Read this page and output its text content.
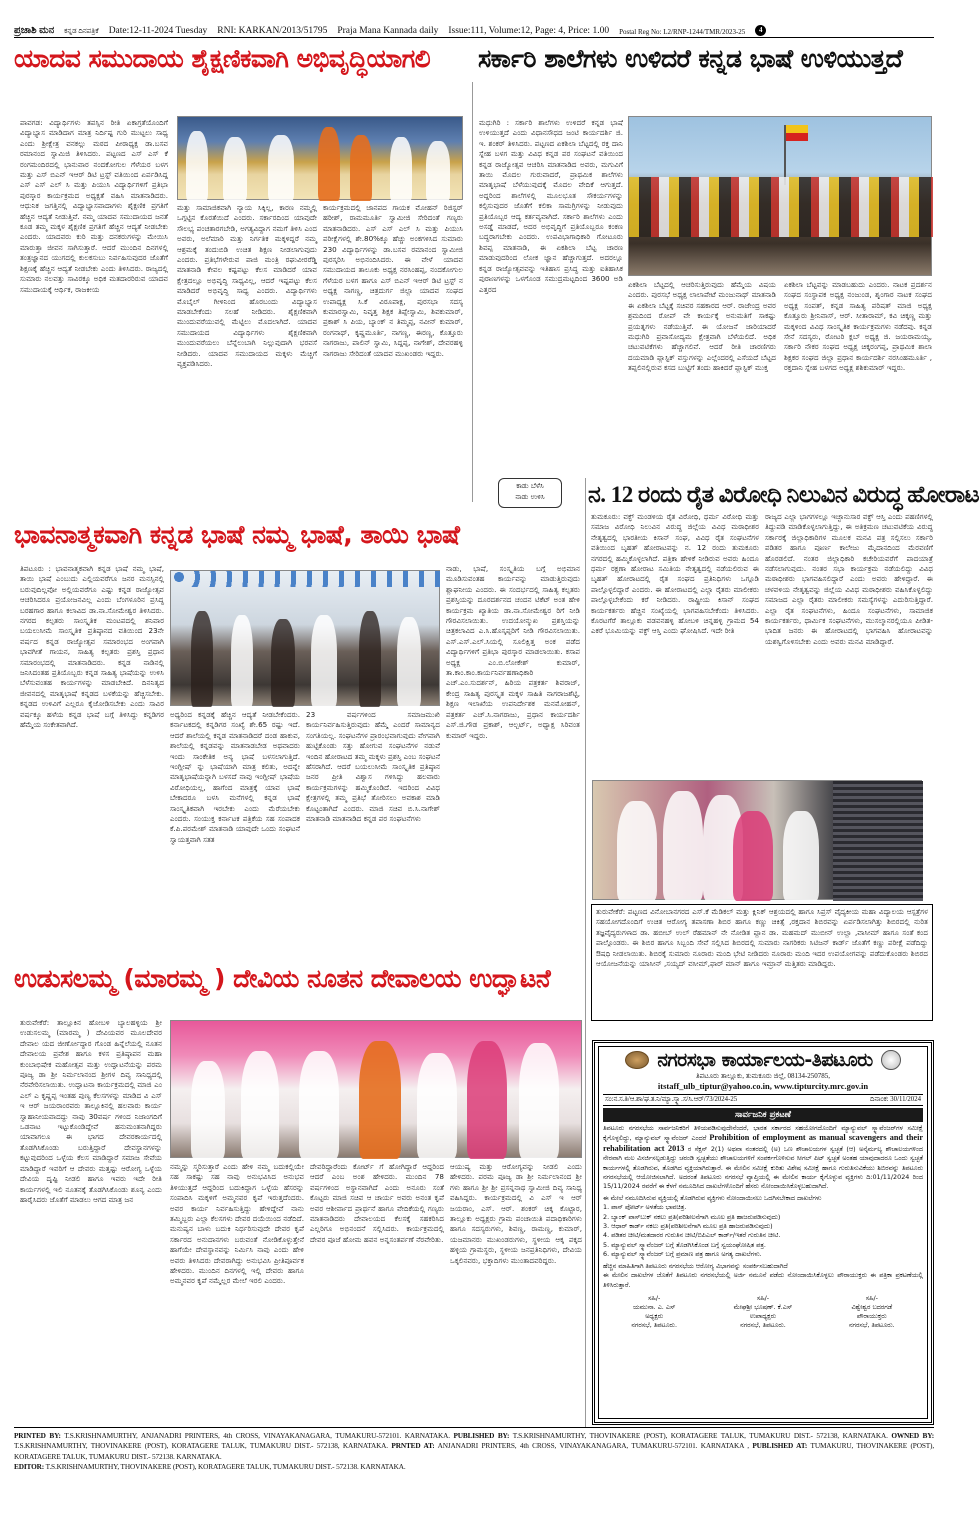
ಪ್ರಜಾಶಿ ಮನ ಕನ್ನಡ ದಿನಪತ್ರಿಕೆ Date:12-11-2024 Tuesday RNI: KARKAN/2013/51795 Praja Mana Kannada daily Issue:111, Volume:12, Page: 4, Price: 1.00 Postal Reg No: L2/RNP-1244/TMR/2023-25	4
ಯಾದವ ಸಮುದಾಯ ಶೈಕ್ಷಣಿಕವಾಗಿ ಅಭಿವೃದ್ಧಿಯಾಗಲಿ
ಪಾವಗಡ: ವಿದ್ಯಾರ್ಥಿಗಳು ತಪಸ್ಸಿನ ರೀತಿ ಏಕಾಗ್ರತೆಯೊಂದಿಗೆ ವಿದ್ಯಾಭ್ಯಾಸ ಮಾಡಿದಾಗ ಮಾತ್ರ ನಿರ್ದಿಷ್ಟ ಗುರಿ ಮುಟ್ಟಲು ಸಾಧ್ಯ ಎಂದು ಶ್ರೀಕ್ಷೇತ್ರ ವನಕಲ್ಲು ಮಠದ ಪೀಠಾಧ್ಯಕ್ಷ ಡಾ.ಬಸವ ರಮಾನಂದ ಸ್ವಾಮಿಜಿ ತಿಳಿಸಿದರು. ಪಟ್ಟಣದ ಎಸ್ ಎಸ್ ಕೆ ರಂಗಮಂದಿರದಲ್ಲಿ ಭಾನುವಾರ ನಂದಕೋಗುಲ ಗೆಳೆಯರ ಬಳಗ ಮತ್ತು ಎಸ್ ಬಿಎನ್ ಇಆರ್ ಡಿಟಿ ಟ್ರಸ್ಟ್ ವತಿಯಿಂದ ಏರ್ಪಡಿಸಿದ್ದ ಎಸ್ ಎಸ್ ಎಲ್ ಸಿ ಮತ್ತು ಪಿಯುಸಿ ವಿದ್ಯಾರ್ಥಿಗಳಿಗೆ ಪ್ರತಿಭಾ ಪುರಸ್ಕಾರ ಕಾರ್ಯಕ್ರಮದ ಅಧ್ಯಕ್ಷತೆ ವಹಿಸಿ ಮಾತನಾಡಿದರು. ಆಧುನಿಕ ಜಗತ್ತಿನಲ್ಲಿ ವಿದ್ಯಾಭ್ಯಾಸವಾದಾಗಳು ಶೈಕ್ಷಣಿಕ ಪ್ರಗತಿಗೆ ಹೆಚ್ಚಿನ ಆದ್ಯತೆ ನೀಡುತ್ತಿವೆ. ನಮ್ಮ ಯಾದವ ಸಮುದಾಯದ ಜನತೆ ಕೂಡ ತಮ್ಮ ಮಕ್ಕಳ ಶೈಕ್ಷಣಿಕ ಪ್ರಗತಿಗೆ ಹೆಚ್ಚಿನ ಆದ್ಯತೆ ನೀಡಬೇಕು ಎಂದರು. ಯಾದವರು ಕುರಿ ಮತ್ತು ದನಕರುಗಳನ್ನು ಮೇಯಿಸಿ ಮಾರುತ್ತಾ ಜೀವನ ಸಾಗಿಸುತ್ತಾರೆ. ಆದರೆ ಮುಂದಿನ ದಿನಗಳಲ್ಲಿ ತಂತ್ರಜ್ಞಾನದ ಯುಗದಲ್ಲಿ ಕುಲಕಸುಬು ನಿರ್ವಹಿಸುವುದರ ಜೊತೆಗೆ ಶಿಕ್ಷಣಕ್ಕೆ ಹೆಚ್ಚಿನ ಆದ್ಯತೆ ನೀಡಬೇಕು ಎಂದು ತಿಳಿಸಿದರು. ರಾಜ್ಯದಲ್ಲಿ ಸುಮಾರು ನಲವತ್ತು ಸಾವಿರಕ್ಕೂ ಅಧಿಕ ಮತದಾರರಿರುವ ಯಾದವ ಸಮುದಾಯಕ್ಕೆ ಆರ್ಥಿಕ, ರಾಜಕೀಯ
ಮತ್ತು ಸಾಮಾಜಿಕವಾಗಿ ನ್ಯಾಯ ಸಿಕ್ಕಿಲ್ಲ, ಕಾರಣ ನಮ್ಮಲ್ಲಿ ಒಗ್ಗಟ್ಟಿನ ಕೊರತೆಯಿದೆ ಎಂದರು. ಸರ್ಕಾರದಿಂದ ಯಾವುದೇ ಸೌಲಭ್ಯ ಪಂಚತಾರಗಬೇಡಿ, ಅಗತ್ಯವಿದ್ದಾಗ ನಮಗೆ ತಿಳಿಸಿ ಎಂದ ಅವರು, ಅಲೆಮಾರಿ ಮತ್ತು ನಿರ್ಗತಿಕ ಮಕ್ಕಳಿದ್ದರೆ ನಮ್ಮ ಆಶ್ರಮಕ್ಕೆ ತಂದುಬಿಡಿ ಉಚಿತ ಶಿಕ್ಷಣ ನೀಡಲಾಗುವುದು ಎಂದರು. ಪ್ರತಿಭೆಗಳೇರುವ ಪಾಜಿ ಮಂತ್ರಿ ರಘುವೀರರೆಡ್ಡಿ ಮಾತನಾಡಿ ಕೇವಲ ಕಷ್ಟಪಟ್ಟು ಕೆಲಸ ಮಾಡಿದರೆ ಯಾವ ಕ್ಷೇತ್ರದಲ್ಲೂ ಅಭಿವೃದ್ಧಿ ಸಾಧ್ಯವಿಲ್ಲ, ಆದರೆ ಇಷ್ಟಪಟ್ಟು ಕೆಲಸ ಮಾಡಿದರೆ ಅಭಿವೃದ್ಧಿ ಸಾಧ್ಯ ಎಂದರು. ವಿದ್ಯಾರ್ಥಿಗಳು ಮೊಬೈಲ್ ಗೀಳಿನಿಂದ ಹೊರಬಂದು ವಿದ್ಯಾಭ್ಯಾಸ ಮಾಡಬೇಕೆಂದು ಸಲಹೆ ನೀಡಿದರು. ಶೈಕ್ಷಣಿಕವಾಗಿ ಮುಂದುವರೆಯುವಲ್ಲಿ ಮೆಟ್ಟಿಲು ಮೊದಲಾಗಿದೆ. ಯಾದವ ಸಮುದಾಯದ ವಿದ್ಯಾರ್ಥಿಗಳು ಶೈಕ್ಷಣಿಕವಾಗಿ ಮುಂದುವರೆಯಲು ಬೆನ್ನೆಲುಬಾಗಿ ನಿಲ್ಲುವುದಾಗಿ ಭರವಸೆ ನೀಡಿದರು. ಯಾದವ ಸಮುದಾಯದ ಮಕ್ಕಳು ಮೆಚ್ಚಿಗೆ ವ್ಯಕ್ತಪಡಿಸಿದರು.
ಕಾರ್ಯಕ್ರಮದಲ್ಲಿ ಜಾನಪದ ಗಾಯಕ ಮೋಹನ್ ರಿಜಿಸ್ಟರ್ ಹರೀಶ್, ರಾಮಮೂರ್ತಿ ಸ್ವಾಮೀಜಿ ಸೇರಿದಂತೆ ಗಣ್ಯರು ಮಾತನಾಡಿದರು. ಎಸ್ ಎಸ್ ಎಲ್ ಸಿ ಮತ್ತು ಪಿಯುಸಿ ಪರೀಕ್ಷೆಗಳಲ್ಲಿ ಶೇ.80%ಕ್ಕೂ ಹೆಚ್ಚು ಅಂಕಗಳಿಸಿದ ಸುಮಾರು 230 ವಿದ್ಯಾರ್ಥಿಗಳನ್ನು ಡಾ.ಬಸವ ರಮಾನಂದ ಸ್ವಾಮೀಜಿ ಪುರಸ್ಕರಿಸಿ ಅಭಿನಂದಿಸಿದರು. ಈ ವೇಳೆ ಯಾದವ ಸಮುದಾಯದ ತಾಲೂಕು ಅಧ್ಯಕ್ಷ ನರಸಿಂಹಪ್ಪ, ನಂದಕೋಗುಲ ಗೆಳೆಯರ ಬಳಗ ಹಾಗೂ ಎಸ್ ಬಿಎನ್ ಇಆರ್ ಡಿಟಿ ಟ್ರಸ್ಟ್ ನ ಅಧ್ಯಕ್ಷ ನಾಗಣ್ಣ, ಚಿತ್ರದುರ್ಗ ಜಿಲ್ಲಾ ಯಾದವ ಸಂಘದ ಉಪಾಧ್ಯಕ್ಷ ಸಿ.ಕೆ ವಿರೂಪಾಕ್ಷ, ಪುರಸಭಾ ಸದಸ್ಯ ಕುಮಾರಸ್ವಾಮಿ, ನಿವೃತ್ತ ಶಿಕ್ಷಕ ತಿಪ್ಪೇಸ್ವಾಮಿ, ಶಿವಕುಮಾರ್, ಪ್ರಕಾಶ್ ಸಿ ಪಿಯ, ಬ್ಯಾಂಕ್ ನ ತಿಮ್ಮಪ್ಪ, ನವೀನ್ ಕುಮಾರ್, ರಂಗನಾಥ್, ಕೃಷ್ಣಮೂರ್ತಿ, ನಾಗಣ್ಣ, ಈರಣ್ಣ, ಕೊತ್ತೂರು ನಾಗರಾಜು, ಪಾಲಿನ್ ಸ್ವಾಮಿ, ಸಿದ್ದಪ್ಪ, ನಾಗೇಶ್, ದೇವರಹಳ್ಳಿ ನಾಗರಾಜು ಸೇರಿದಂತೆ ಯಾದವ ಮುಖಂಡರು ಇದ್ದರು.
ಸರ್ಕಾರಿ ಶಾಲೆಗಳು ಉಳಿದರೆ ಕನ್ನಡ ಭಾಷೆ ಉಳಿಯುತ್ತದೆ
ಮಧುಗಿರಿ : ಸರ್ಕಾರಿ ಶಾಲೆಗಳು ಉಳಿದರೆ ಕನ್ನಡ ಭಾಷೆ ಉಳಿಯುತ್ತದೆ ಎಂದು ವಿಧಾನಸೌಧದ ಜಂಟಿ ಕಾರ್ಯದರ್ಶಿ ಜಿ. ಇ. ಶಂಕರ್ ತಿಳಿಸಿದರು. ಪಟ್ಟಣದ ಏಕಶಿಲಾ ಬೆಟ್ಟದಲ್ಲಿ ರಕ್ತ ದಾನಿ ಸ್ನೇಹ ಬಳಗ ಮತ್ತು ವಿವಿಧ ಕನ್ನಡ ಪರ ಸಂಘಟನೆ ವತಿಯಿಂದ ಕನ್ನಡ ರಾಜ್ಯೋತ್ಸವ ಆಚರಿಸಿ ಮಾತನಾಡಿದ ಅವರು, ಮಗುವಿಗೆ ತಾಯಿ ಮೊದಲ ಗುರುವಾದರೆ, ಪ್ರಾಥಮಿಕ ಶಾಲೆಗಳು ಮಾತೃಭಾಷೆ ಬೆಳೆಯುವುದಕ್ಕೆ ಮೊದಲ ವೇದಿಕೆ ಆಗುತ್ತದೆ. ಅದ್ದರಿಂದ ಶಾಲೆಗಳಲ್ಲಿ ಮೂಲಭೂತ ಸೌಕರ್ಯಗಳನ್ನು ಕಲ್ಪಿಸುವುದರ ಜೊತೆಗೆ ಕಲಿಕಾ ಸಾಮಗ್ರಿಗಳನ್ನು ನೀಡುವುದು ಪ್ರತಿಯೊಬ್ಬರ ಆದ್ಯ ಕರ್ತವ್ಯವಾಗಿದೆ. ಸರ್ಕಾರಿ ಶಾಲೆಗಳು ಎಂದು ಅಸಡ್ಡೆ ಮಾಡದೆ, ಅದರ ಅಭಿವೃದ್ಧಿಗೆ ಪ್ರತಿಯೊಬ್ಬರೂ ಕಂಕಣ ಬದ್ಧರಾಗಬೇಕು ಎಂದರು. ಉಪವಿಭಾಗಾಧಿಕಾರಿ ಗೋಟೂರು ಶಿವಪ್ಪ ಮಾತನಾಡಿ, ಈ ಏಕಶಿಲಾ ಬೆಟ್ಟ ಚಾರಣ ಮಾಡುವುದರಿಂದ ಲೋಕ ಜ್ಞಾನ ಹೆಚ್ಚಾಗುತ್ತದೆ. ಅದರಲ್ಲೂ ಕನ್ನಡ ರಾಜ್ಯೋತ್ಸವವನ್ನು ಇತಿಹಾಸ ಪ್ರಸಿದ್ಧ ಮತ್ತು ಐತಿಹಾಸಿಕ ಪುರಾಣಗಳನ್ನು ಒಳಗೊಂಡ ಸಮುದ್ರಮಟ್ಟದಿಂದ 3600 ಅಡಿ ಎತ್ತರದ	ಏಕಶಿಲಾ ಬೆಟ್ಟದಲ್ಲಿ ಆಚರಿಸುತ್ತಿರುವುದು ಹೆಮ್ಮೆಯ ವಿಷಯ ಎಂದರು. ಪುರಸಭೆ ಅಧ್ಯಕ್ಷ ಲಾಲಾಪೇಟೆ ಮಂಜುನಾಥ್ ಮಾತನಾಡಿ ಈ ಏಕಶಿಲಾ ಬೆಟ್ಟಕ್ಕೆ ಸಚಿವರ ಸಹಕಾರದ ಆರ್. ರಾಜೇಂದ್ರ ಅವರ ಶ್ರಮದಿಂದ ರೋಪ್ ವೇ ಕಾರ್ಯಕ್ಕೆ ಅನುಮತಿಗೆ ಸಾಕಷ್ಟು ಪ್ರಯತ್ನಗಳು ನಡೆಯುತ್ತಿವೆ. ಈ ಯೋಜನೆ ಜಾರಿಯಾದರೆ ಮಧುಗಿರಿ ಪ್ರವಾಸೋದ್ಯಮ ಕ್ಷೇತ್ರವಾಗಿ ಬೆಳೆಯಲಿದೆ. ಅಧಿಕ ಚಟುವಟಿಕೆಗಳು ಹೆಚ್ಚಾಗಲಿವೆ. ಆದರೆ ರೀತಿ ಚಾರಣಿಗರು ದಯಮಾಡಿ ಪ್ಲಾಸ್ಟಿಕ್ ವಸ್ತುಗಳನ್ನು ಎಲ್ಲೆಂದರಲ್ಲಿ ಎಸೆಯದೆ ಬೆಟ್ಟದ ತಪ್ಪಲಿನಲ್ಲಿರುವ ಕಸದ ಬುಟ್ಟಿಗೆ ತಂದು ಹಾಕಿದರೆ ಪ್ಲಾಸ್ಟಿಕ್ ಮುಕ್ತ
ಏಕಶಿಲಾ ಬೆಟ್ಟವನ್ನು ಮಾಡಬಹುದು ಎಂದರು. ನಾಟಕ ಪ್ರದರ್ಶನ ಸಂಘದ ಸಂಸ್ಥಾಪಕ ಅಧ್ಯಕ್ಷ ನಂಜುಂಡ, ಶೃಂಗಾರ ನಾಟಕ ಸಂಘದ ಅಧ್ಯಕ್ಷ ಸಂಪತ್, ಕನ್ನಡ ಸಾಹಿತ್ಯ ಪರಿಷತ್ ಮಾಜಿ ಅಧ್ಯಕ್ಷ ಕೊತ್ತೂರು ಶ್ರೀನಿವಾಸ್, ಆರ್. ಸೀತಾರಾಮ್, ಕವಿ ಚಿಕ್ಕಣ್ಣ ಮತ್ತು ಮಕ್ಕಳಿಂದ ವಿವಿಧ ಸಾಂಸ್ಕೃತಿಕ ಕಾರ್ಯಕ್ರಮಗಳು ನಡೆದವು. ಕನ್ನಡ ಸೇನೆ ಸದಸ್ಯರು, ರೋಟರಿ ಕ್ಲಬ್ ಅಧ್ಯಕ್ಷ ಜಿ. ಜಯರಾಮಯ್ಯ, ಸರ್ಕಾರಿ ನೌಕರ ಸಂಘದ ಅಧ್ಯಕ್ಷ ಚಿಕ್ಕರಂಗಪ್ಪ, ಪ್ರಾಥಮಿಕ ಶಾಲಾ ಶಿಕ್ಷಕರ ಸಂಘದ ಜಿಲ್ಲಾ ಪ್ರಧಾನ ಕಾರ್ಯದರ್ಶಿ ನರಸಿಂಹಮೂರ್ತಿ , ರಕ್ತದಾನಿ ಸ್ನೇಹ ಬಳಗದ ಅಧ್ಯಕ್ಷ ಶಶಿಕುಮಾರ್ ಇದ್ದರು.
ಕಾಡು ಬೆಳೆಸಿ
ನಾಡು ಉಳಿಸಿ	ನ. 12 ರಂದು ರೈತ ವಿರೋಧಿ ನಿಲುವಿನ ವಿರುದ್ಧ ಹೋರಾಟ
ತುಮಕೂರು: ವಕ್ಫ್ ಮಂಡಳಿಯ ರೈತ ವಿರೋಧಿ, ಧರ್ಮ ವಿರೋಧಿ ಮತ್ತು ಸಮಾಜ ವಿರೋಧಿ ನಿಲುವಿನ ವಿರುದ್ಧ ಜಿಲ್ಲೆಯ ವಿವಿಧ ಮಠಾಧೀಶರ ನೇತೃತ್ವದಲ್ಲಿ ಭಾರತೀಯ ಕಿಸಾನ್ ಸಂಘ, ವಿವಿಧ ರೈತ ಸಂಘಟನೆಗಳ ವತಿಯಿಂದ ಬೃಹತ್ ಹೋರಾಟವನ್ನು ನ. 12 ರಂದು ತುಮಕೂರು ನಗರದಲ್ಲಿ ಹಮ್ಮಿಕೊಳ್ಳಲಾಗಿದೆ. ಪತ್ರಿಕಾ ಹೇಳಿಕೆ ನೀಡಿರುವ ಅವರು ಹಿಂದೂ ಧರ್ಮ ರಕ್ಷಣಾ ಹೋರಾಟ ಸಮಿತಿಯ ನೇತೃತ್ವದಲ್ಲಿ ನಡೆಯಲಿರುವ ಈ ಬೃಹತ್ ಹೋರಾಟದಲ್ಲಿ ರೈತ ಸಂಘದ ಪ್ರತಿನಿಧಿಗಳು ಒಗ್ಗೂಡಿ ಪಾಲ್ಗೊಳ್ಳಲಿದ್ದಾರೆ ಎಂದರು. ಈ ಹೋರಾಟದಲ್ಲಿ ಎಲ್ಲಾ ರೈತರು ಮಾಲೀಕರು ಪಾಲ್ಗೊಳ್ಳಬೇಕೆಂದು ಕರೆ ನೀಡಿದರು. ರಾಷ್ಟ್ರೀಯ ಕಿಸಾನ್ ಸಂಘದ ಕಾರ್ಯಕರ್ತರು ಹೆಚ್ಚಿನ ಸಂಖ್ಯೆಯಲ್ಲಿ ಭಾಗವಹಿಸಬೇಕೆಂದು ತಿಳಿಸಿದರು. ಕೊರಟಗೆರೆ ತಾಲ್ಲೂಕು ವಡವನಹಳ್ಳಿ ಹೋಬಳಿ ಚಿನ್ನಹಳ್ಳಿ ಗ್ರಾಮದ 54 ಎಕರೆ ಭೂಮಿಯನ್ನು ವಕ್ಫ್ ಆಸ್ತಿ ಎಂದು ಘೋಷಿಸಿದೆ. ಇದೇ ರೀತಿ
ರಾಜ್ಯದ ಎಲ್ಲಾ ಭಾಗಗಳಲ್ಲೂ ಇಚ್ಛಾನುಸಾರ ವಕ್ಫ್ ಆಸ್ತಿ ಎಂದು ಪಹಣಿಗಳಲ್ಲಿ ತಿದ್ದುಪಡಿ ಮಾಡಿಕೊಳ್ಳಲಾಗುತ್ತಿದ್ದು, ಈ ಅತಿಕ್ರಮಣ ಚಟುವಟಿಕೆಯ ವಿರುದ್ಧ ಸರ್ಕಾರಕ್ಕೆ ಜಿಲ್ಲಾಧಿಕಾರಿಗಳ ಮೂಲಕ ಮನವಿ ಪತ್ರ ಸಲ್ಲಿಸಲು ಸರ್ಕಾರಿ ಪಡಿತರ ಹಾಗೂ ಪೂರ್ಣ ಕಾಲೇಜು ಮೈದಾನದಿಂದ ಮೆರವಣಿಗೆ ಹೊರಡಲಿದೆ. ನಂತರ ಜಿಲ್ಲಾಧಿಕಾರಿ ಕಚೇರಿಯವರೆಗೆ ಪಾದಯಾತ್ರೆ ನಡೆಸಲಾಗುವುದು. ನಂತರ ಸಭಾ ಕಾರ್ಯಕ್ರಮ ನಡೆಯಲಿದ್ದು ವಿವಿಧ ಮಠಾಧೀಶರು ಭಾಗವಹಿಸಲಿದ್ದಾರೆ ಎಂದು ಅವರು ಹೇಳಿದ್ದಾರೆ. ಈ ಚಳವಳಿಯ ನೇತೃತ್ವವನ್ನು ಜಿಲ್ಲೆಯ ವಿವಿಧ ಮಠಾಧೀಶರು ವಹಿಸಿಕೊಳ್ಳಲಿದ್ದು ಸಮಾಜದ ಎಲ್ಲಾ ರೈತರು ಮಾಲೀಕರು ಸಮಸ್ಯೆಗಳನ್ನು ಎದುರಿಸುತ್ತಿದ್ದಾರೆ. ಎಲ್ಲಾ ರೈತ ಸಂಘಟನೆಗಳು, ಹಿಂದೂ ಸಂಘಟನೆಗಳು, ಸಾಮಾಜಿಕ ಕಾರ್ಯಕರ್ತರು, ಧಾರ್ಮಿಕ ಸಂಘಟನೆಗಳು, ಮುಸಲ್ಮಾನರಲ್ಲಿಯೂ ಪೀಡಿತ-ಭಾದಿತ ಜನರು ಈ ಹೋರಾಟದಲ್ಲಿ ಭಾಗವಹಿಸಿ ಹೋರಾಟವನ್ನು ಯಶಸ್ವಿಗೊಳಿಸಬೇಕು ಎಂದು ಅವರು ಮನವಿ ಮಾಡಿದ್ದಾರೆ.
ಭಾವನಾತ್ಮಕವಾಗಿ ಕನ್ನಡ ಭಾಷೆ ನಮ್ಮ ಭಾಷೆ, ತಾಯಿ ಭಾಷೆ
ತಿಪಟೂರು : ಭಾವನಾತ್ಮಕವಾಗಿ ಕನ್ನಡ ಭಾಷೆ ನಮ್ಮ ಭಾಷೆ, ತಾಯಿ ಭಾಷೆ ಎಂಬುದು ಎಲ್ಲಿಯವರೆಗೂ ಜನರ ಮನಸ್ಸಿನಲ್ಲಿ ಬರುವುದಿಲ್ಲವೋ ಅಲ್ಲಿಯವರೆಗೂ ಎಷ್ಟು ಕನ್ನಡ ರಾಜ್ಯೋತ್ಸವ ಆಚರಿಸಿದರೂ ಪ್ರಯೋಜನವಿಲ್ಲ ಎಂದು ಬೆಂಗಳೂರಿನ ಪ್ರಸಿದ್ಧ ಬರಹಗಾರ ಹಾಗೂ ಕಲಾವಿದ ಡಾ.ನಾ.ಸೋಮೇಶ್ವರ ತಿಳಿಸಿದರು. ನಗರದ ಕಲ್ಪತರು ಸಾಂಸ್ಕೃತಿಕ ಮಂಟಪದಲ್ಲಿ ಶನಿವಾರ ಬಯಲುಸೀಮೆ ಸಾಂಸ್ಕೃತಿಕ ಪ್ರತಿಷ್ಠಾನದ ವತಿಯಿಂದ 23ನೇ ವರ್ಷದ ಕನ್ನಡ ರಾಜ್ಯೋತ್ಸವ ಸಮಾರಂಭದ ಅಂಗವಾಗಿ ಭಾವಗೀತೆ ಗಾಯನ, ಸಾಹಿತ್ಯ ಕಲ್ಪತರು ಪ್ರಶಸ್ತಿ ಪ್ರಧಾನ ಸಮಾರಂಭದಲ್ಲಿ ಮಾತನಾಡಿದರು. ಕನ್ನಡ ನಾಡಿನಲ್ಲಿ ಜನಿಸಿದಂತಹ ಪ್ರತಿಯೊಬ್ಬರು ಕನ್ನಡ ಸಾಹಿತ್ಯ ಭಾಷೆಯನ್ನು ಉಳಿಸಿ ಬೆಳೆಸುವಂತಹ ಕಾರ್ಯಗಳನ್ನು ಮಾಡಬೇಕಿದೆ. ದಿನನಿತ್ಯದ ಜೀವನದಲ್ಲಿ ಮಾತೃಭಾಷೆ ಕನ್ನಡದ ಬಳಕೆಯನ್ನು ಹೆಚ್ಚಿಸಬೇಕು. ಕನ್ನಡದ ಉಳಿವಿಗೆ ಎಲ್ಲರೂ ಕೈಜೋಡಿಸಬೇಕು ಎಂದು ಸಾವಿರ ವರ್ಷಕ್ಕೂ ಹಳೆಯ ಕನ್ನಡ ಭಾಷೆ ಬಗ್ಗೆ ತಿಳಿಸಿದ್ದು ಕನ್ನಡಿಗರ ಹೆಮ್ಮೆಯ ಸಂಕೇತವಾಗಿದೆ.
ಅಧ್ಯರಿಂದ ಕನ್ನಡಕ್ಕೆ ಹೆಚ್ಚಿನ ಆದ್ಯತೆ ನೀಡಬೇಕೆಂದರು. ಕರ್ನಾಟಕದಲ್ಲಿ ಕನ್ನಡಿಗರ ಸಂಖ್ಯೆ ಶೇ.65 ರಷ್ಟು ಇದೆ. ಆದರೆ ಶಾಲೆಯಲ್ಲಿ ಕನ್ನಡ ಮಾತನಾಡಿದರೆ ದಂಡ ಹಾಕುವ, ಶಾಲೆಯಲ್ಲಿ ಕನ್ನಡವನ್ನು ಮಾತನಾಡಬೇಡ ಅಥವಾದರು ಇಂದು ಸಾಂಕೇತಿಕ ಅನ್ಯ ಭಾಷೆ ಬಳಸಲಾಗುತ್ತಿದೆ. ಇಂಗ್ಲೀಷ್ ನ್ನು ಭಾಷೆಯಾಗಿ ಮಾತ್ರ ಕಲಿತು, ಅದನ್ನೇ ಮಾತೃಭಾಷೆಯನ್ನಾಗಿ ಬಳಸದೆ ನಾವು ಇಂಗ್ಲೀಷ್ ಭಾಷೆಯ ವಿರೋಧಿಯಲ್ಲ, ಹಾಗೆಂದ ಮಾತ್ರಕ್ಕೆ ಯಾವ ಭಾಷೆ ಬೇಕಾದರೂ ಬಳಸಿ ಮನೆಗಳಲ್ಲಿ ಕನ್ನಡ ಭಾಷೆ ಸಾಂಸ್ಕೃತಿಕವಾಗಿ ಇರಬೇಕು ಎಂದು ಮೆರೆಯಬೇಕು ಎಂದರು. ಸಂಯುಕ್ತ ಕರ್ನಾಟಕ ಪತ್ರಿಕೆಯ ಸಹ ಸಂಪಾದಕ ಕೆ.ಪಿ.ಪರಮೇಶ್ ಮಾತನಾಡಿ ಯಾವುದೇ ಒಂದು ಸಂಘಟನೆ ಸ್ವಾಯತ್ತವಾಗಿ ಸತತ
23 ವರ್ಷಗಳಿಂದ ಸಮಾಜಮುಖಿ ಕಾರ್ಯನಿರ್ವಹಿಸುತ್ತಿರುವುದು ಹೆಮ್ಮೆ ಎಂದರೆ ಸಾಮಾನ್ಯದ ಸಂಗತಿಯಲ್ಲ. ಸಂಘಟನೆಗಳ ಪ್ರಾರಂಭವಾಗುವುದು ವೇಗವಾಗಿ ಹುಟ್ಟಿಕೊಂಡು ಸತ್ತು ಹೋಗುವ ಸಂಘಟನೆಗಳ ನಡುವೆ ಇಂದಿನ ಹೋರಾಟದ ತಮ್ಮ ಮಕ್ಕಳು ಪ್ರಶಸ್ತಿ ಎಂಬ ಸಂಘಟನೆ ಹೆಸರಾಗಿದೆ. ಆದರೆ ಬಯಲುಸೀಮೆ ಸಾಂಸ್ಕೃತಿಕ ಪ್ರತಿಷ್ಠಾನ ಜನರ ಪ್ರೀತಿ ವಿಶ್ವಾಸ ಗಳಿಸಿದ್ದು ಹಲವಾರು ಕಾರ್ಯಕ್ರಮಗಳನ್ನು ಹಮ್ಮಿಕೊಂಡಿದೆ. ಇದರಿಂದ ವಿವಿಧ ಕ್ಷೇತ್ರಗಳಲ್ಲಿ ತಮ್ಮ ಪ್ರತಿಭೆ ತೋರಿಸಲು ಅವಕಾಶ ಮಾಡಿ ಕೊಟ್ಟಂತಾಗಿದೆ ಎಂದರು. ಮಾಜಿ ಸಚಿವ ಬಿ.ಸಿ.ನಾಗೇಶ್ ಮಾತನಾಡಿ ಮಾತನಾಡಿದ ಕನ್ನಡ ಪರ ಸಂಘಟನೆಗಳು
ನಾಡು, ಭಾಷೆ, ಸಂಸ್ಕೃತಿಯ ಬಗ್ಗೆ ಅಭಿಮಾನ ಮೂಡಿಸುವಂತಹ ಕಾರ್ಯವನ್ನು ಮಾಡುತ್ತಿರುವುದು ಶ್ಲಾಘನೀಯ ಎಂದರು. ಈ ಸಂದರ್ಭದಲ್ಲಿ ಸಾಹಿತ್ಯ ಕಲ್ಪತರು ಪ್ರಶಸ್ತಿಯನ್ನು ದೂರದರ್ಶನದ ಚಂದನ ಟಿಕೆಟ್ ಅಂತ ಹೇಳಿ ಕಾರ್ಯಕ್ರಮ ಖ್ಯಾತಿಯ ಡಾ.ನಾ.ಸೋಮೇಶ್ವರ ರಿಗೆ ನೀಡಿ ಗೌರವಿಸಲಾಯಿತು. ಉದಯೋನ್ಮುಖ ಪ್ರಶಸ್ತಿಯನ್ನು ಚಿತ್ರಕಲಾವಿದ ಎ.ಸಿ.ಹೊಸ್ಕಪ್ಪರಿಗೆ ನೀಡಿ ಗೌರವಿಸಲಾಯಿತು. ಎಸ್.ಎಸ್.ಎಲ್.ಸಿಯಲ್ಲಿ ಸೂಲಿಕ್ಷಿತ್ತ ಅಂಕ ಪಡೆದ ವಿದ್ಯಾರ್ಥಿಗಳಿಗೆ ಪ್ರತಿಭಾ ಪುರಸ್ಕಾರ ಮಾಡಲಾಯಿತು. ಕಸಾಪ ಅಧ್ಯಕ್ಷ ಎಂ.ಬಿ.ಲೋಕೇಶ್ ಕುಮಾರ್, ತಾ.ಕಾಂ.ಕಾಂ.ಕಾರ್ಯನಿರ್ವಹಣಾಧಿಕಾರಿ ಎಚ್.ಎಂ.ಸುದರ್ಶನ್, ಹಿರಿಯ ಪತ್ರಕರ್ತ ಶಿವರಾಜ್, ಕೇಂದ್ರ ಸಾಹಿತ್ಯ ಪುರಸ್ಕೃತ ಮಕ್ಕಳ ಸಾಹಿತಿ ನಾಗರಾಜಶೆಟ್ಟಿ, ಶಿಕ್ಷಣ ಇಲಾಖೆಯ ಉಪನಿರ್ದೇಶಕ ಮನಮೋಹನ್, ಪತ್ರಕರ್ತ ಎಚ್.ಸಿ.ನಾಗರಾಜು, ಪ್ರಧಾನ ಕಾರ್ಯದರ್ಶಿ ಎಸ್.ಜಿ.ಗೌಡ ಪ್ರಕಾಶ್, ಆಲ್ಬರ್ಟ್, ಅಧ್ಯಾಕ್ಷ ಸಿರಿವಂತ ಕುಮಾರ್ ಇದ್ದರು.
ತುರುವೇಕೆರೆ: ಪಟ್ಟಣದ ವಿನೋಬಾನಗರದ ಎಸ್.ಕೆ ಮೆಡಿಕಲ್ ಮತ್ತು ಕ್ಲಿನಿಕ್ ಆಶ್ರಯದಲ್ಲಿ ಹಾಗೂ ಸಿಪ್ರಸ್ ವೈದ್ಯಕೀಯ ಮಹಾ ವಿದ್ಯಾಲಯ ಆಸ್ಪತ್ರೆಗಳ ಸಹಯೋಗದೊಂದಿಗೆ ಉಚಿತ ಆರೋಗ್ಯ ತಪಾಸಣಾ ಶಿಬಿರ ಹಾಗೂ ಕಣ್ಣು ಚಿಕಿತ್ಸೆ ,ರಕ್ತದಾನ ಶಿಬಿರವನ್ನು ಏರ್ಪಡಿಸಲಾಗಿತ್ತು ಶಿಬಿರದಲ್ಲಿ ನುರಿತ ತಜ್ಞವೈದ್ಯರುಗಳಾದ ಡಾ. ಹಬೀಬ್ ಉಲ್ ರೆಹಮಾನ್ ನೇ ನೋಡಿತ ಪ್ಲಾನ ಡಾ. ಮಹಮದ್ ಮುಬೀನ್ ಉಲ್ಲಾ ,ವಾಸೀಮ್ ಹಾಗೂ ಸಂತೆ ಕಂದ ಪಾಲ್ಗೊಂಡರು. ಈ ಶಿಬಿರ ಹಾಗೂ ಸಿಬ್ಬಂದಿ ಸೇವೆ ಸಲ್ಲಿಸಿದ ಶಿಬಿರದಲ್ಲಿ ಸುಮಾರು ನಾಗರಿಕರು ಸಿಟಿಜನ್ ಕಾರ್ಡ್ ಜೊತೆಗೆ ಕಣ್ಣು ಪರೀಕ್ಷೆ ಪಡೆದಿದ್ದು ಔಷಧಿ ನೀಡಲಾಯಿತು. ಶಿಬಿರಕ್ಕೆ ಸುಮಾರು ನೂರಾರು ಮಂದಿ ಭೇಟಿ ನೀಡಿದರು ನೂರಾರು ಮಂದಿ ಇದರ ಉಪಯೋಗವನ್ನು ಪಡೆದುಕೊಂಡರು ಶಿಬಿರದ ಆಯೋಜನೆಯನ್ನು ಯಾಸೀನ್ ,ಸಯ್ಯದ್ ವಸೀಮ್,ಫಾರ್ ಮಾನ್ ಹಾಗೂ ಇಮ್ರಾನ್ ಮತ್ತಿತರು ಮಾಡಿದ್ದರು.
ಉಡುಸಲಮ್ಮ (ಮಾರಮ್ಮ ) ದೇವಿಯ ನೂತನ ದೇವಾಲಯ ಉದ್ಘಾಟನೆ
ತುರುವೇಕೆರೆ: ತಾಲ್ಲೂಕಿನ ಹೋಬಳಿ ಬ್ಯಾಲಹಳ್ಳಿಯ ಶ್ರೀ ಉಡುಸಲಮ್ಮ (ಮಾರಮ್ಮ ) ದೇವಿಯವರ ಮೂಲದೇವರ ದೇವಾಲ ಯದ ಜೀರ್ಣೋದ್ಧಾರ ಗೊಂಡ ಹಿನ್ನೆಲೆಯಲ್ಲಿ ನೂತನ ದೇವಾಲಯ ಪ್ರವೇಶ ಹಾಗೂ ಕಳಸ ಪ್ರತಿಷ್ಠಾಪನ ಮಹಾ ಕುಂಬಾಭಿಷೇಕ ಮಹೋತ್ಸವ ಮತ್ತು ಉದ್ಘಾಟನೆಯನ್ನು ಪರಮ ಪೂಜ್ಯ ಡಾ ಶ್ರೀ ನಿರ್ಮಲಾನಂದ ಶ್ರೀಗಳ ದಿವ್ಯ ಸಾನಿಧ್ಯದಲ್ಲಿ ನೆರವೇರಿಸಲಾಯಿತು. ಉದ್ಘಾಟನಾ ಕಾರ್ಯಕ್ರಮದಲ್ಲಿ ಮಾಜಿ ಎಂ ಎಲ್ ಎ ಕೃಷ್ಣಪ್ಪ ಇಂತಹ ಪುಣ್ಯ ಕೆಲಸಗಳನ್ನು ಮಾಡಿದ ವಿ ಎಸ್ ಇ ಆರ್ ಜಯರಾಂರವರು ತಾಲ್ಲೂಕಿನಲ್ಲಿ ಹಲವಾರು ಕಾರ್ಯ ಸ್ವಾಹಾನೀಯವಾದದ್ದು ನಾವು 30ವರ್ಷ ಗಳಿಂದ ನಿಜಾಂಗದಿಗೆ ಒಡನಾಟ ಇಟ್ಟುಕೊಂಡಿದ್ದೇವೆ ಹನುಮಂತನಾಗಿದ್ದರು ಯಾವಾಗಲೂ ಈ ಭಾಗದ ದೇವರಕಾರ್ಯದಲ್ಲಿ ತೊಡಗಿಸಿಕೊಂಡು ಬರುತ್ತಿದ್ದಾರೆ ದೇವಸ್ಥಾನಗಳನ್ನು ಕಟ್ಟುವುದರಿಂದ ಒಳ್ಳೆಯ ಕೆಲಸ ಮಾಡಿದ್ದಾರೆ ಸಮಾಜ ಸೇವೆಯ ಮಾಡಿದ್ದಾರೆ ಇವರಿಗೆ ಆ ದೇವರು ಮತ್ತಷ್ಟು ಆರೋಗ್ಯ ಒಳ್ಳೆಯ ದೇವಿಯ ದೃಷ್ಟಿ ನೀಡಲಿ ಹಾಗೂ ಇವರು ಇದೇ ರೀತಿ ಕಾರ್ಯಗಳಲ್ಲಿ ಇಲಿ ನೂತನಕ್ಕೆ ತೊಡಗಿಸಿಕೊಂಡು ಶೂನ್ಯ ಎಂದು ಹಾರೈಸಿದರು ಜೊತೆಗೆ ಮಾಡಲು ಆಗದ ಮಾತ್ರ ಜನ
ನಮ್ಮನ್ನು ಸ್ಮರಿಸುತ್ತಾರೆ ಎಂದು ಹೇಳಿ ನಮ್ಮ ಬದುಕಲ್ಲಿಯೇ ಸಹ ಸಾಕಷ್ಟು ಸಹ ನಾವು ಅನುಭವಿಸಿದ ಅನುಭವ ತಿಳಿಯುತ್ತದೆ ಆದ್ದರಿಂದ ಬದುಕಿದ್ದಾಗ ಒಳ್ಳೆಯ ಹೆಸರನ್ನು ಸಂಪಾದಿಸಿ ಮಕ್ಕಳಿಗೆ ಅಮ್ಮನವರ ಕೃಪೆ ಇರುತ್ತದೆಂದರು. ಅವರ ಕಾರ್ಯ ನಿರ್ವಹಿಸುತ್ತಿದ್ದು ಹೇಳಿದ್ದೇವೆ ನಾನು ತಮ್ಮಿಬ್ಬರು ಎಲ್ಲಾ ಕೆಲಸಗಳು ದೇವರ ದಯೆಯಿಂದ ನಡೆದಿದೆ. ಮನುಷ್ಯನ ಬಾಳು ಬದುಕಿ ನಿರ್ಧರಿಸುವುದೇ ದೇವರ ಕೃಪೆ ಸರ್ಕಾರದ ಅನುದಾನಗಳು ಬರುವಂತೆ ನೋಡಿಕೊಳ್ಳುತ್ತೇನೆ ಹಾಗೆಯೇ ದೇವಸ್ಥಾನವನ್ನು ನಿರ್ಮಿಸಿ ನಾವು ಎಂದು ಹೇಳಿ ಅವರು ತಿಳಿಸಿದರು ದೇವರಾಗಿದ್ದು ಅನುಭವಿಸಿ ಪ್ರೀತಿಪೂರ್ವಕ ಹೇಳಿದರು. ಮುಂದಿನ ದಿನಗಳಲ್ಲಿ ಇಲ್ಲಿ ದೇವರು ಹಾಗೂ ಅಮ್ಮನವರ ಕೃಪೆ ನಮ್ಮೆಲ್ಲರ ಮೇಲೆ ಇರಲಿ ಎಂದರು.
ದೇವರಿದ್ದಾರೆಂದು ಕೋರ್ಟ್ ಗೆ ಹೋಗಿದ್ದಾರೆ ಆದ್ದರಿಂದ ಆದರೆ ಎಂಬ ಅಂಶ ಹೇಳಿದರು. ಮುಂದಿನ 78 ವರ್ಷಗಳಿಂದ ಅಸ್ಥಾನವಾಗಿದೆ ಎಂದು ಅನೂರು ಸಂತೆ ಕೊಟ್ಟರು ಮಾಜಿ ಸಚಿವ ಆ ಚಾರ್ಯ ಅವರು ಅನಂತ ಕೃಪೆ ಅವರ ಆಶೀರ್ವಾದ ಪ್ರಾರ್ಥನೆ ಹಾಗೂ ವೇದಿಕೆಯಲ್ಲಿ ಗಣ್ಯರು ಮಾತನಾಡಿದರು ದೇವಾಲಯದ ಕೆಲಸಕ್ಕೆ ಸಹಕರಿಸಿದ ಎಲ್ಲರಿಗೂ ಅಭಿನಂದನೆ ಸಲ್ಲಿಸಿದರು. ಕಾರ್ಯಕ್ರಮದಲ್ಲಿ ದೇವರ ಪೂಜೆ ಹೋಮ ಹವನ ಅನ್ನಸಂತರ್ಪಣೆ ನೆರವೇರಿತು.
ಆಯುಷ್ಯ ಮತ್ತು ಆರೋಗ್ಯವನ್ನು ನೀಡಲಿ ಎಂದು ಹೇಳಿದರು. ಪರಮ ಪೂಜ್ಯ ಡಾ ಶ್ರೀ ನಿರ್ಮಲಾನಂದ ಶ್ರೀ ಗಳು ಹಾಗೂ ಶ್ರೀ ಶ್ರೀ ಪ್ರಸನ್ನನಾಥ ಸ್ವಾಮೀಜಿ ದಿವ್ಯ ಸಾನಿಧ್ಯ ವಹಿಸಿದ್ದರು. ಕಾರ್ಯಕ್ರಮದಲ್ಲಿ ವಿ ಎಸ್ ಇ ಆರ್ ಜಯರಾಂ, ಎಸ್. ಆರ್. ಶಂಕರ್ ಚಿಕ್ಕ ಕೊಟ್ಟಾರ, ತಾಲ್ಲೂಕು ಅಧ್ಯಕ್ಷರು ಗ್ರಾಮ ಪಂಚಾಯಿತಿ ಪದಾಧಿಕಾರಿಗಳು ಹಾಗೂ ಸದಸ್ಯರುಗಳು, ಶಿವಣ್ಣ, ರಾಮಣ್ಣ, ಕುಮಾರ್, ಯಜಮಾನರು ಮುಖಂಡರುಗಳು, ಸ್ಥಳೀಯ ಆಕ್ಕ ಪಕ್ಕದ ಹಳ್ಳಿಯ ಗ್ರಾಮಸ್ಥರು, ಸ್ಥಳೀಯ ಜನಪ್ರತಿನಿಧಿಗಳು, ದೇವಿಯ ಒಕ್ಕಲಿನವರು, ಭಕ್ತಾದಿಗಳು ಮುಂತಾದವರಿದ್ದರು.
ನಗರಸಭಾ ಕಾರ್ಯಾಲಯ-ತಿಪಟೂರು
ತಿಪಟೂರು ತಾಲ್ಲೂಕು, ತುಮಕೂರು ಜಿಲ್ಲೆ, 08134-250785,
itstaff_ulb_tiptur@yahoo.co.in, www.tipturcity.mrc.gov.in
ಸಂ:ನ.ಸ.ತಿ/ಆ.ಶಾ/ಘ.ತ.ನಿ/ಮ್ಯಾ.ಸ್ಕ್ಯಾ.ಸ/ಸಿ.ಆರ್/73/2024-25	ದಿನಾಂಕ: 30/11/2024
ಸಾರ್ವಜನಿಕ ಪ್ರಕಟಣೆ
ತಿಪಟೂರು ನಗರಸಭೆಯ ಸಾರ್ವಜನಿಕರಿಗೆ ತಿಳಿಯಪಡಿಸುವುದೇನೆಂದರೆ, ಭಾರತ ಸರ್ಕಾರದ ಸಹಯೋಗದೊಂದಿಗೆ ಮ್ಯಾನ್ಯುವಲ್ ಸ್ಕ್ಯಾವೆಂಜರ್‌ಗಳ ಸಮೀಕ್ಷೆ ಕೈಗೊಳ್ಳಲಿದ್ದು, ಮ್ಯಾನ್ಯುವಲ್ ಸ್ಕ್ಯಾವೆಂಜರ್ ಎಂದರೆ Prohibition of employment as manual scavengers and their rehabilitation act 2013 ರ ಸೆಕ್ಷನ್ 2(1) ಅಥವಾ ನಂತರದಲ್ಲಿ (ಅ) ಒಣ ಶೌಚಾಲಯಗಳ ಸ್ವಚ್ಛತೆ (ಆ) ಅನೈರ್ಮಲ್ಯ ಶೌಚಾಲಯಗಳಿಂದ ನೇರವಾಗಿ ಮಲ ವಿಸರ್ಜಿಸಲ್ಪಡುತ್ತಿದ್ದು ಚರಂಡಿ ಸ್ವಚ್ಛತೆಯು ಶೌಚಾಲಯಗಳಿಗೆ ಸಂಪರ್ಕಗೊಳಿಸುವ ಸೀಗಲ್ ಪಿಟ್ ಸ್ವಚ್ಛತೆ ಅಂತಹ ಯಾವುದಾದರೂ ಒಂದು ಸ್ವಚ್ಛತೆ ಕಾರ್ಯಗಳಲ್ಲಿ ತೊಡಗಿರುವ, ತೊಡಗಿದ ವ್ಯಕ್ತಿಯಾಗಿರುತ್ತಾರೆ. ಈ ಮೇಲಿನ ಸಮೀಕ್ಷೆ ಕುರಿತು ವಿಶೇಷ ಸಮೀಕ್ಷೆ ಹಾಗೂ ಗುರುತಿಸುವಿಕೆಯು ಶಿಬಿರವನ್ನು ತಿಪಟೂರು ನಗರಸಭೆಯಲ್ಲಿ ಆಯೋಜಿಸಲಾಗಿದೆ. ಅದರಂತೆ ತಿಪಟೂರು ನಗರಸಭೆ ವ್ಯಾಪ್ತಿಯಲ್ಲಿ ಈ ಮೇಲಿನ ಕಾರ್ಯ ಕೈಗೊಳ್ಳುವ ವ್ಯಕ್ತಿಗಳು ದಿ:01/11/2024 ರಿಂದ 15/11/2024 ರವರೆಗೆ ಈ ಕೆಳಗೆ ನಮೂದಿಸಿದ ದಾಖಲೆಗಳೊಂದಿಗೆ ಹೆಸರು ನೋಂದಾಯಿಸಿಕೊಳ್ಳಬಹುದಾಗಿದೆ.
ಈ ಮೇಲೆ ನಮೂದಿಸಿರುವ ವ್ಯಕ್ತಿಯಲ್ಲಿ ತೊಡಗಿರುವ ವ್ಯಕ್ತಿಗಳು ನೋಂದಾಯಿಸಲು ಒದಗಿಸಬೇಕಾದ ದಾಖಲೆಗಳು
1. ಪಾಸ್ ಪೋರ್ಟ್ ಅಳತೆಯ ಭಾವಚಿತ್ರ.
2. ಬ್ಯಾಂಕ್ ಪಾಸ್‌ಬುಕ್ ನಕಲು ಪ್ರತಿ(ಪರಿಶೀಲನೆಗಾಗಿ ಮೂಲ ಪ್ರತಿ ಹಾಜರುಪಡಿಸುವುದು)
3. ಆಧಾರ್ ಕಾರ್ಡ್ ನಕಲು ಪ್ರತಿ(ಪರಿಶೀಲನೆಗಾಗಿ ಮೂಲ ಪ್ರತಿ ಹಾಜರುಪಡಿಸುವುದು)
4. ಪಡಿತರ ಚೀಟಿ/ಮತದಾರರ ಗುರುತಿನ ಚೀಟಿ/ಬಿಪಿಎಲ್ ಕಾರ್ಡ್/ಇತರೆ ಗುರುತಿನ ಚೀಟಿ.
5. ಮ್ಯಾನ್ಯುವಲ್ ಸ್ಕ್ಯಾವೆಂಜರ್ ಬಗ್ಗೆ ತೊಡಗಿಸಿಕೊಂಡ ಬಗ್ಗೆ ಸ್ವಯಂಘೋಷಿತ ಪತ್ರ.
6. ಮ್ಯಾನ್ಯುವಲ್ ಸ್ಕ್ಯಾವೆಂಜರ್ ಬಗ್ಗೆ ಪ್ರಮಾಣ ಪತ್ರ ಹಾಗೂ ಅಗತ್ಯ ದಾಖಲೆಗಳು.
ಹೆಚ್ಚಿನ ಮಾಹಿತಿಗಾಗಿ ತಿಪಟೂರು ನಗರಸಭೆಯ ಆರೋಗ್ಯ ವಿಭಾಗವನ್ನು ಸಂಪರ್ಕಿಸಬಹುದಾಗಿದೆ
ಈ ಮೇಲಿನ ದಾಖಲೆಗಳ ಜೊತೆಗೆ ತಿಪಟೂರು ನಗರಸಭೆಯಲ್ಲಿ ಅರ್ಜಿ ನಮೂನೆ ಪಡೆದು ನೋಂದಾಯಿಸಿಕೊಳ್ಳಲು ಪೌರಾಯುಕ್ತರು ಈ ಪತ್ರಿಕಾ ಪ್ರಕಟಣೆಯಲ್ಲಿ ತಿಳಿಸಿರುತ್ತಾರೆ.
ಸಹಿ/-
ಯಮುನಾ. ಎ. ಎಸ್
ಅಧ್ಯಕ್ಷರು
ನಗರಸಭೆ, ತಿಪಟೂರು.
ಸಹಿ/-
ಮೇಘಶ್ರೀ ಭೂಷಣ್. ಕೆ.ಎಸ್
ಉಪಾಧ್ಯಕ್ಷರು
ನಗರಸಭೆ, ತಿಪಟೂರು.
ಸಹಿ/-
ವಿಶ್ವೇಶ್ವರ ಬದರಗಡೆ
ಪೌರಾಯುಕ್ತರು
ನಗರಸಭೆ, ತಿಪಟೂರು.
PRINTED BY: T.S.KRISHNAMURTHY, ANJANADRI PRINTERS, 4th CROSS, VINAYAKANAGARA, TUMAKURU-572101. KARNATAKA. PUBLISHED BY: T.S.KRISHNAMURTHY, THOVINAKERE (POST), KORATAGERE TALUK, TUMAKURU DIST.- 572138, KARNATAKA. OWNED BY: T.S.KRISHNAMURTHY, THOVINAKERE (POST), KORATAGERE TALUK, TUMAKURU DIST.- 572138, KARNATAKA. PRNTED AT: ANJANADRI PRINTERS, 4th CROSS, VINAYAKANAGARA, TUMAKURU-572101. KARNATAKA , PUBLISHED AT: TUMAKURU, THOVINAKERE (POST), KORATAGERE TALUK, TUMAKURU DIST.- 572138. KARNATAKA.
EDITOR: T.S.KRISHNAMURTHY, THOVINAKERE (POST), KORATAGERE TALUK, TUMAKURU DIST.- 572138. KARNATAKA.
